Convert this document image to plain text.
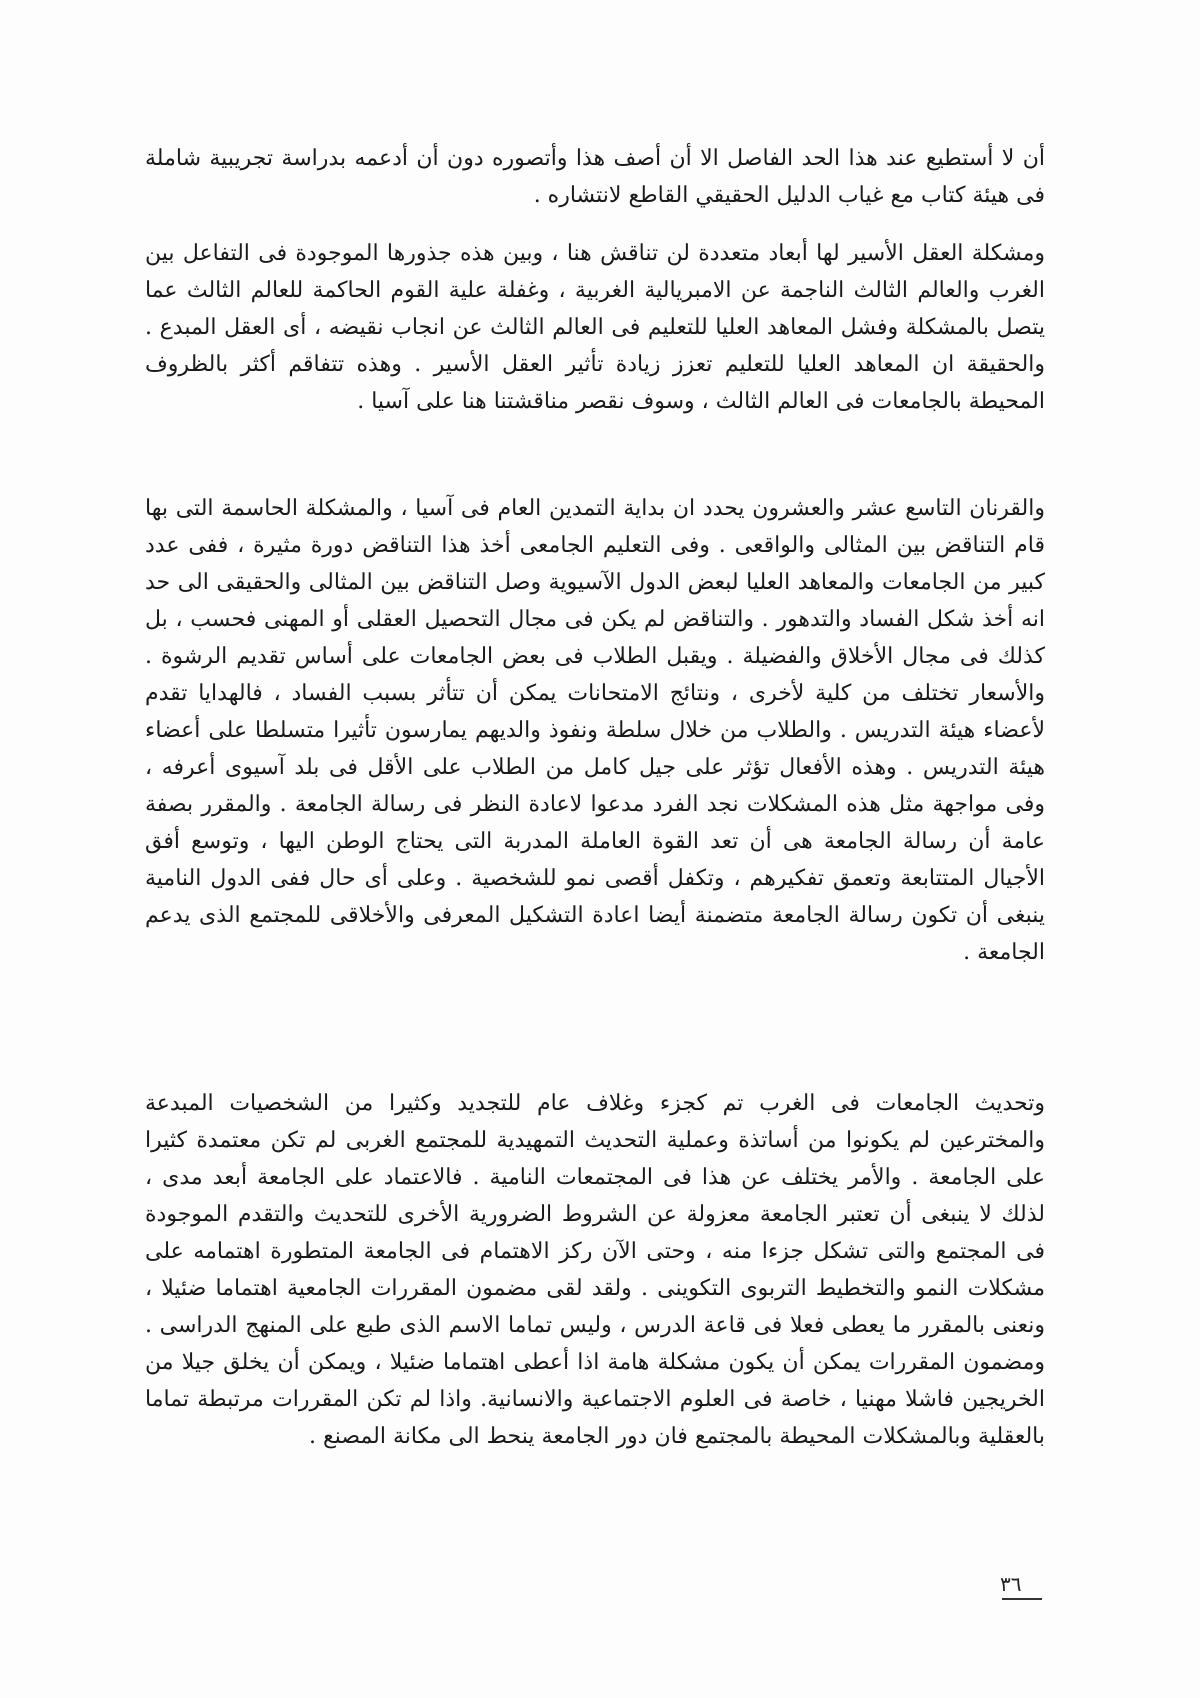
أن لا أستطيع عند هذا الحد الفاصل الا أن أصف هذا وأتصوره دون أن أدعمه بدراسة تجريبية شاملة فى هيئة كتاب مع غياب الدليل الحقيقي القاطع لانتشاره .

ومشكلة العقل الأسير لها أبعاد متعددة لن تناقش هنا ، وبين هذه جذورها الموجودة فى التفاعل بين الغرب والعالم الثالث الناجمة عن الامبريالية الغربية ، وغفلة علية القوم الحاكمة للعالم الثالث عما يتصل بالمشكلة وفشل المعاهد العليا للتعليم فى العالم الثالث عن انجاب نقيضه ، أى العقل المبدع . والحقيقة ان المعاهد العليا للتعليم تعزز زيادة تأثير العقل الأسير . وهذه تتفاقم أكثر بالظروف المحيطة بالجامعات فى العالم الثالث ، وسوف نقصر مناقشتنا هنا على آسيا .

والقرنان التاسع عشر والعشرون يحدد ان بداية التمدين العام فى آسيا ، والمشكلة الحاسمة التى بها قام التناقض بين المثالى والواقعى . وفى التعليم الجامعى أخذ هذا التناقض دورة مثيرة ، ففى عدد كبير من الجامعات والمعاهد العليا لبعض الدول الآسيوية وصل التناقض بين المثالى والحقيقى الى حد انه أخذ شكل الفساد والتدهور . والتناقض لم يكن فى مجال التحصيل العقلى أو المهنى فحسب ، بل كذلك فى مجال الأخلاق والفضيلة . ويقبل الطلاب فى بعض الجامعات على أساس تقديم الرشوة . والأسعار تختلف من كلية لأخرى ، ونتائج الامتحانات يمكن أن تتأثر بسبب الفساد ، فالهدايا تقدم لأعضاء هيئة التدريس . والطلاب من خلال سلطة ونفوذ والديهم يمارسون تأثيرا متسلطا على أعضاء هيئة التدريس . وهذه الأفعال تؤثر على جيل كامل من الطلاب على الأقل فى بلد آسيوى أعرفه ، وفى مواجهة مثل هذه المشكلات نجد الفرد مدعوا لاعادة النظر فى رسالة الجامعة . والمقرر بصفة عامة أن رسالة الجامعة هى أن تعد القوة العاملة المدربة التى يحتاج الوطن اليها ، وتوسع أفق الأجيال المتتابعة وتعمق تفكيرهم ، وتكفل أقصى نمو للشخصية . وعلى أى حال ففى الدول النامية ينبغى أن تكون رسالة الجامعة متضمنة أيضا اعادة التشكيل المعرفى والأخلاقى للمجتمع الذى يدعم الجامعة .

وتحديث الجامعات فى الغرب تم كجزء وغلاف عام للتجديد وكثيرا من الشخصيات المبدعة والمخترعين لم يكونوا من أساتذة وعملية التحديث التمهيدية للمجتمع الغربى لم تكن معتمدة كثيرا على الجامعة . والأمر يختلف عن هذا فى المجتمعات النامية . فالاعتماد على الجامعة أبعد مدى ، لذلك لا ينبغى أن تعتبر الجامعة معزولة عن الشروط الضرورية الأخرى للتحديث والتقدم الموجودة فى المجتمع والتى تشكل جزءا منه ، وحتى الآن ركز الاهتمام فى الجامعة المتطورة اهتمامه على مشكلات النمو والتخطيط التربوى التكوينى . ولقد لقى مضمون المقررات الجامعية اهتماما ضئيلا ، ونعنى بالمقرر ما يعطى فعلا فى قاعة الدرس ، وليس تماما الاسم الذى طبع على المنهج الدراسى . ومضمون المقررات يمكن أن يكون مشكلة هامة اذا أعطى اهتماما ضئيلا ، ويمكن أن يخلق جيلا من الخريجين فاشلا مهنيا ، خاصة فى العلوم الاجتماعية والانسانية. واذا لم تكن المقررات مرتبطة تماما بالعقلية وبالمشكلات المحيطة بالمجتمع فان دور الجامعة ينحط الى مكانة المصنع .

٣٦
